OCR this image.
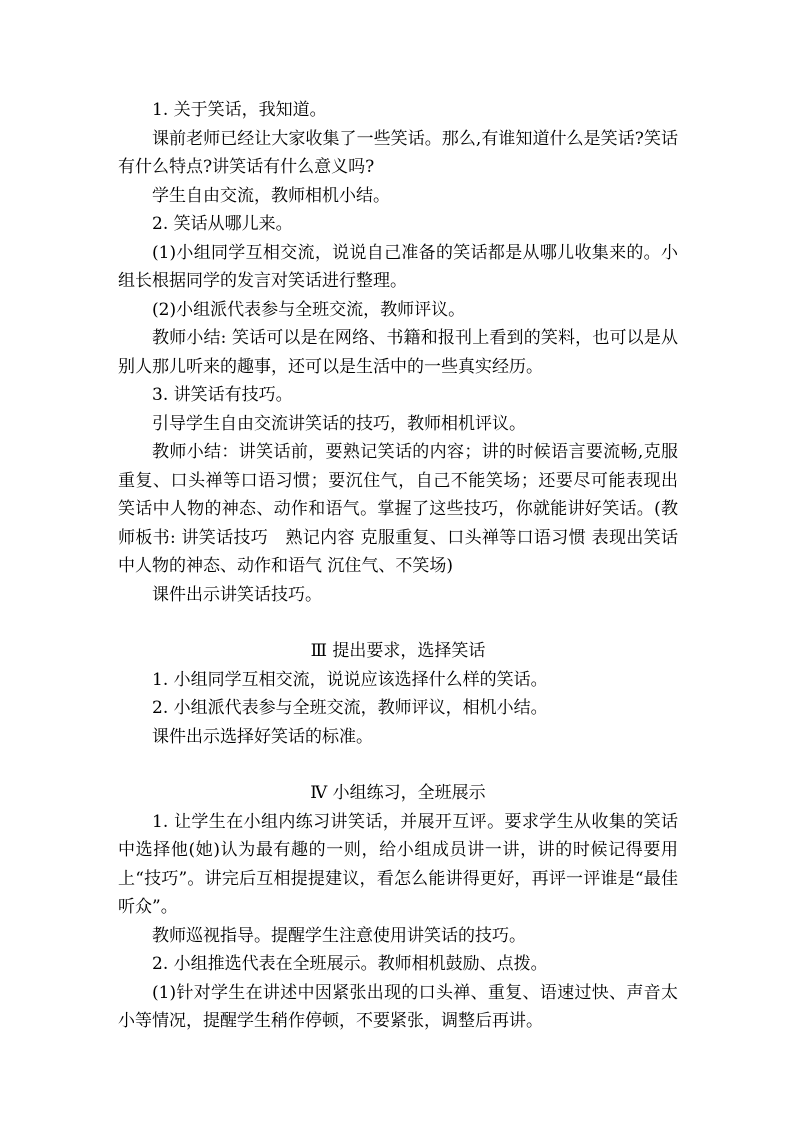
1. 关于笑话，我知道。

课前老师已经让大家收集了一些笑话。那么,有谁知道什么是笑话?笑话有什么特点?讲笑话有什么意义吗?

学生自由交流，教师相机小结。

2. 笑话从哪儿来。

(1)小组同学互相交流，说说自己准备的笑话都是从哪儿收集来的。小组长根据同学的发言对笑话进行整理。

(2)小组派代表参与全班交流，教师评议。

教师小结: 笑话可以是在网络、书籍和报刊上看到的笑料，也可以是从别人那儿听来的趣事，还可以是生活中的一些真实经历。

3. 讲笑话有技巧。

引导学生自由交流讲笑话的技巧，教师相机评议。

教师小结：讲笑话前，要熟记笑话的内容；讲的时候语言要流畅,克服重复、口头禅等口语习惯；要沉住气，自己不能笑场；还要尽可能表现出笑话中人物的神态、动作和语气。掌握了这些技巧，你就能讲好笑话。(教师板书: 讲笑话技巧　熟记内容 克服重复、口头禅等口语习惯 表现出笑话中人物的神态、动作和语气 沉住气、不笑场)

课件出示讲笑话技巧。

Ⅲ 提出要求，选择笑话

1. 小组同学互相交流，说说应该选择什么样的笑话。

2. 小组派代表参与全班交流，教师评议，相机小结。

课件出示选择好笑话的标准。

Ⅳ 小组练习，全班展示

1. 让学生在小组内练习讲笑话，并展开互评。要求学生从收集的笑话中选择他(她)认为最有趣的一则，给小组成员讲一讲，讲的时候记得要用上“技巧”。讲完后互相提提建议，看怎么能讲得更好，再评一评谁是“最佳听众”。

教师巡视指导。提醒学生注意使用讲笑话的技巧。

2. 小组推选代表在全班展示。教师相机鼓励、点拨。

(1)针对学生在讲述中因紧张出现的口头禅、重复、语速过快、声音太小等情况，提醒学生稍作停顿，不要紧张，调整后再讲。
